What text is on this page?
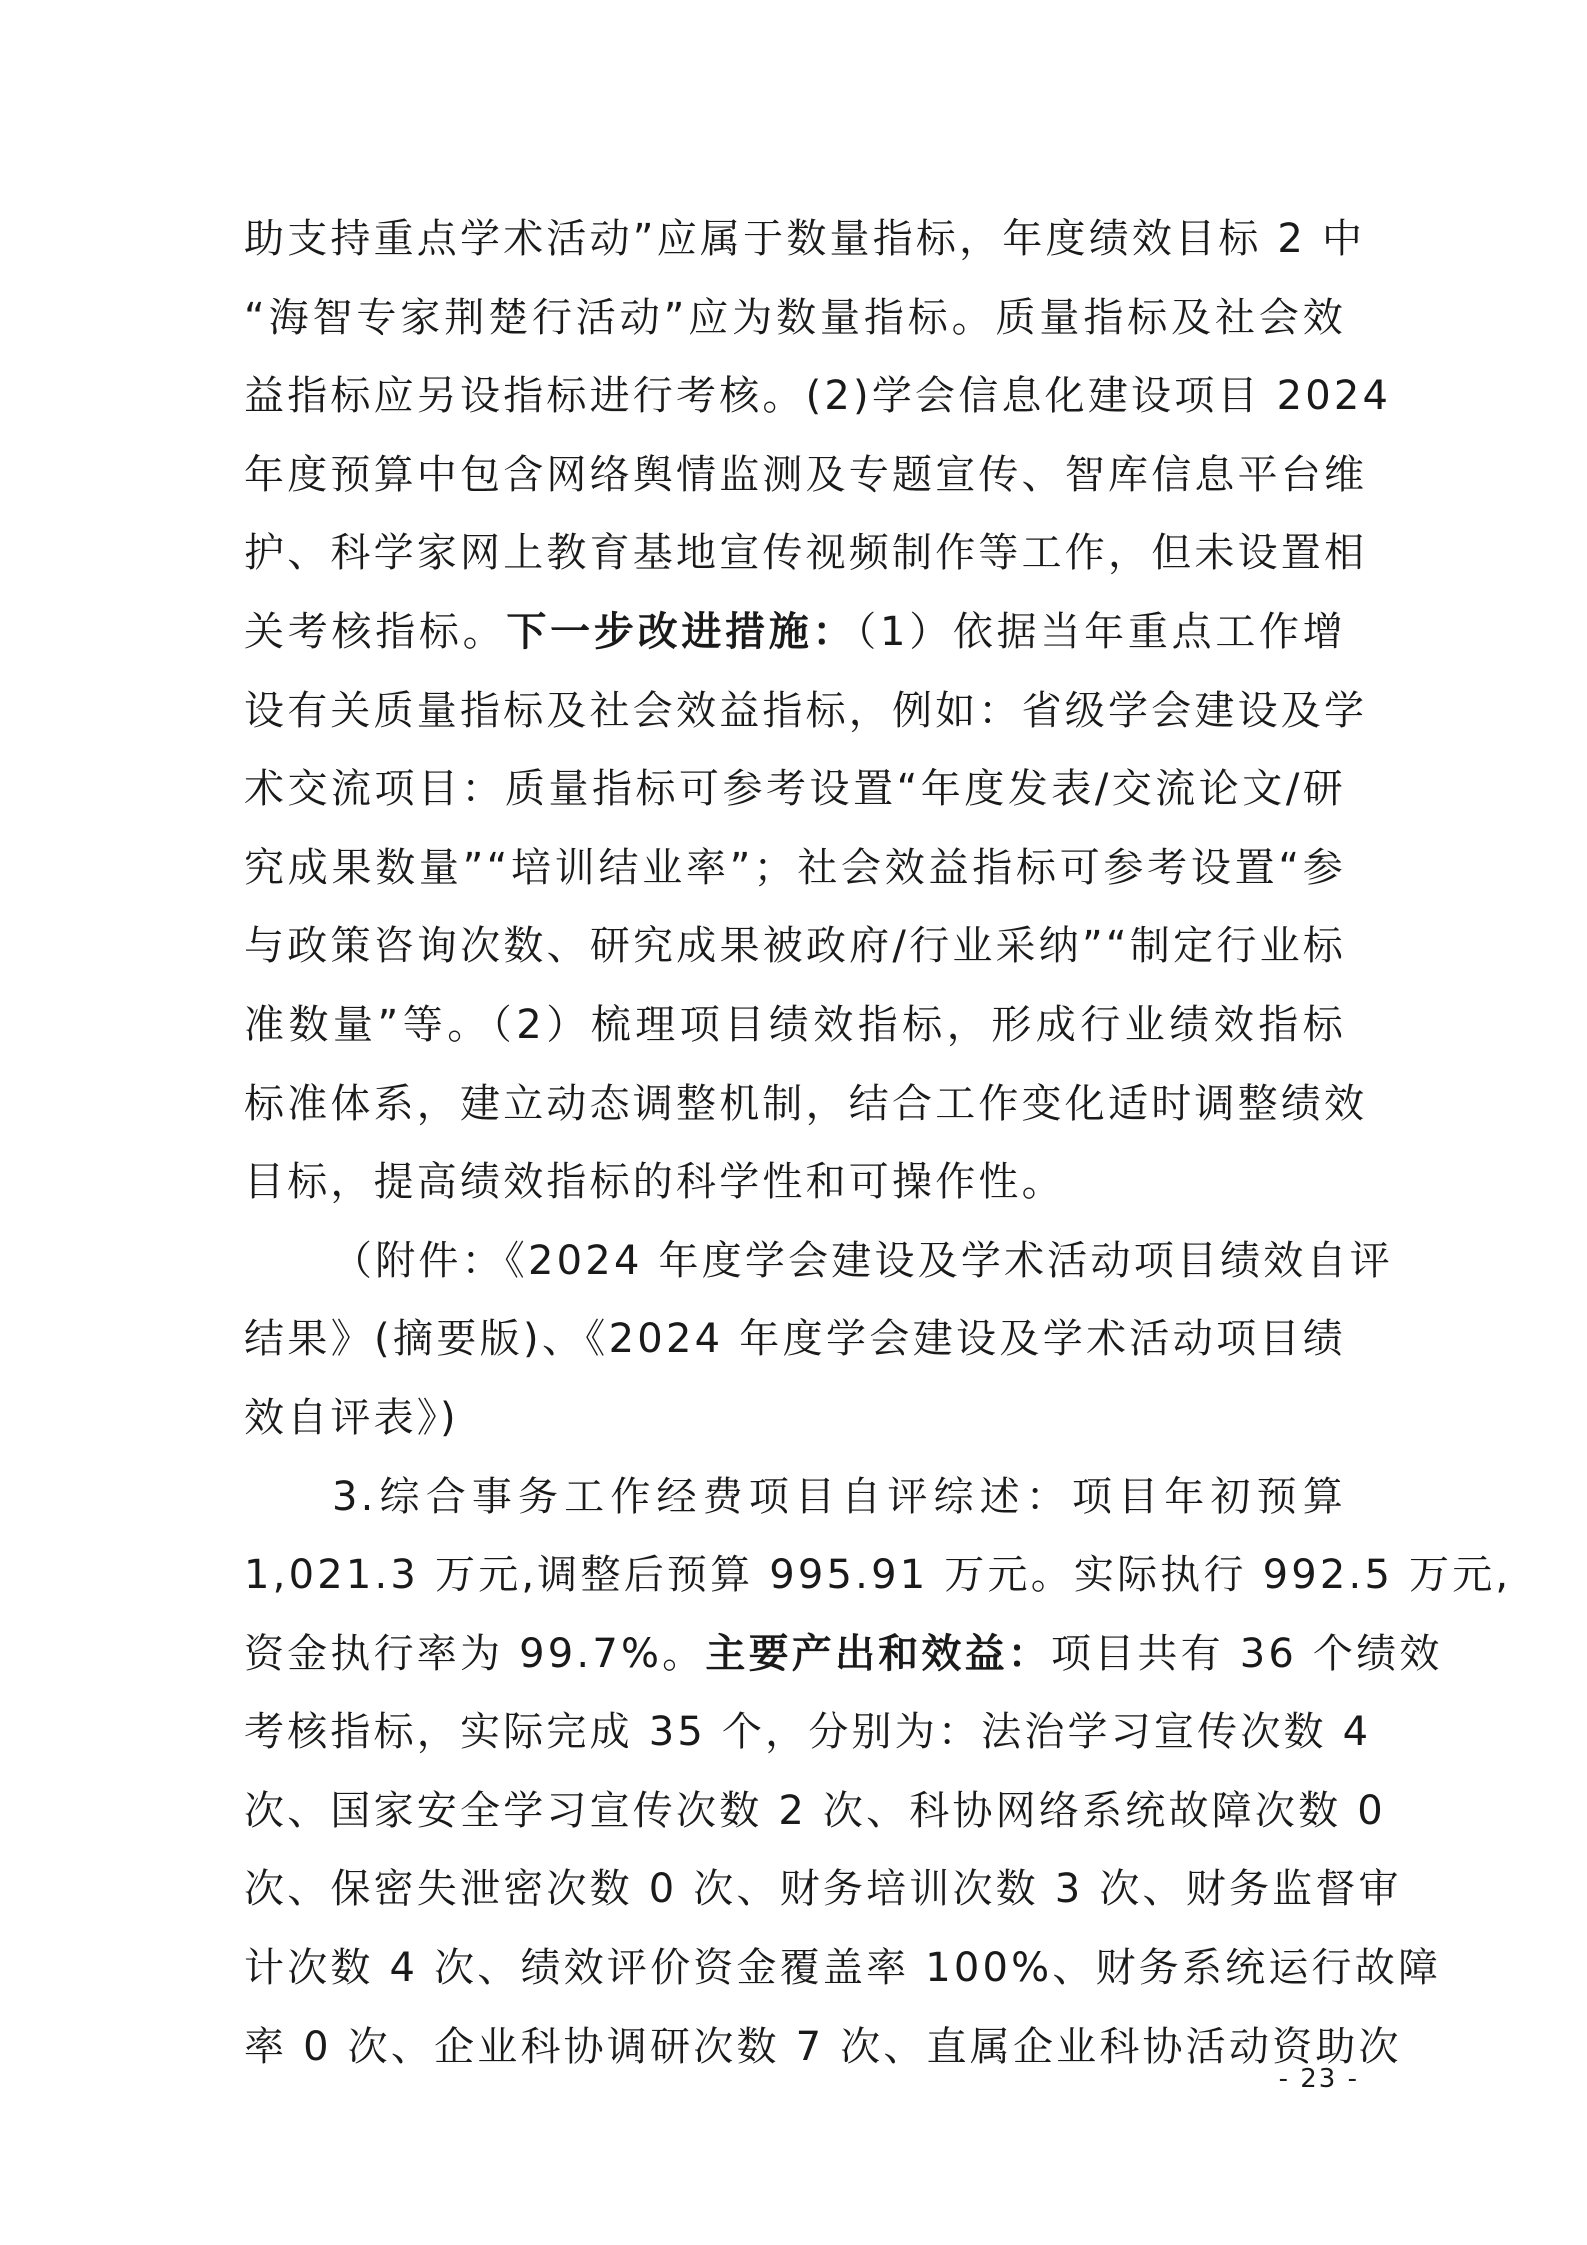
助支持重点学术活动”应属于数量指标，年度绩效目标 2 中
“海智专家荆楚行活动”应为数量指标。质量指标及社会效
益指标应另设指标进行考核。(2)学会信息化建设项目 2024
年度预算中包含网络舆情监测及专题宣传、智库信息平台维
护、科学家网上教育基地宣传视频制作等工作，但未设置相
关考核指标。下一步改进措施：（1）依据当年重点工作增
设有关质量指标及社会效益指标，例如：省级学会建设及学
术交流项目：质量指标可参考设置“年度发表/交流论文/研
究成果数量”“培训结业率”；社会效益指标可参考设置“参
与政策咨询次数、研究成果被政府/行业采纳”“制定行业标
准数量”等。（2）梳理项目绩效指标，形成行业绩效指标
标准体系，建立动态调整机制，结合工作变化适时调整绩效
目标，提高绩效指标的科学性和可操作性。
（附件：《2024 年度学会建设及学术活动项目绩效自评
结果》(摘要版)、《2024 年度学会建设及学术活动项目绩
效自评表》)
3.综合事务工作经费项目自评综述：项目年初预算
1,021.3 万元,调整后预算 995.91 万元。实际执行 992.5 万元,
资金执行率为 99.7%。主要产出和效益：项目共有 36 个绩效
考核指标，实际完成 35 个，分别为：法治学习宣传次数 4
次、国家安全学习宣传次数 2 次、科协网络系统故障次数 0
次、保密失泄密次数 0 次、财务培训次数 3 次、财务监督审
计次数 4 次、绩效评价资金覆盖率 100%、财务系统运行故障
率 0 次、企业科协调研次数 7 次、直属企业科协活动资助次
- 23 -
